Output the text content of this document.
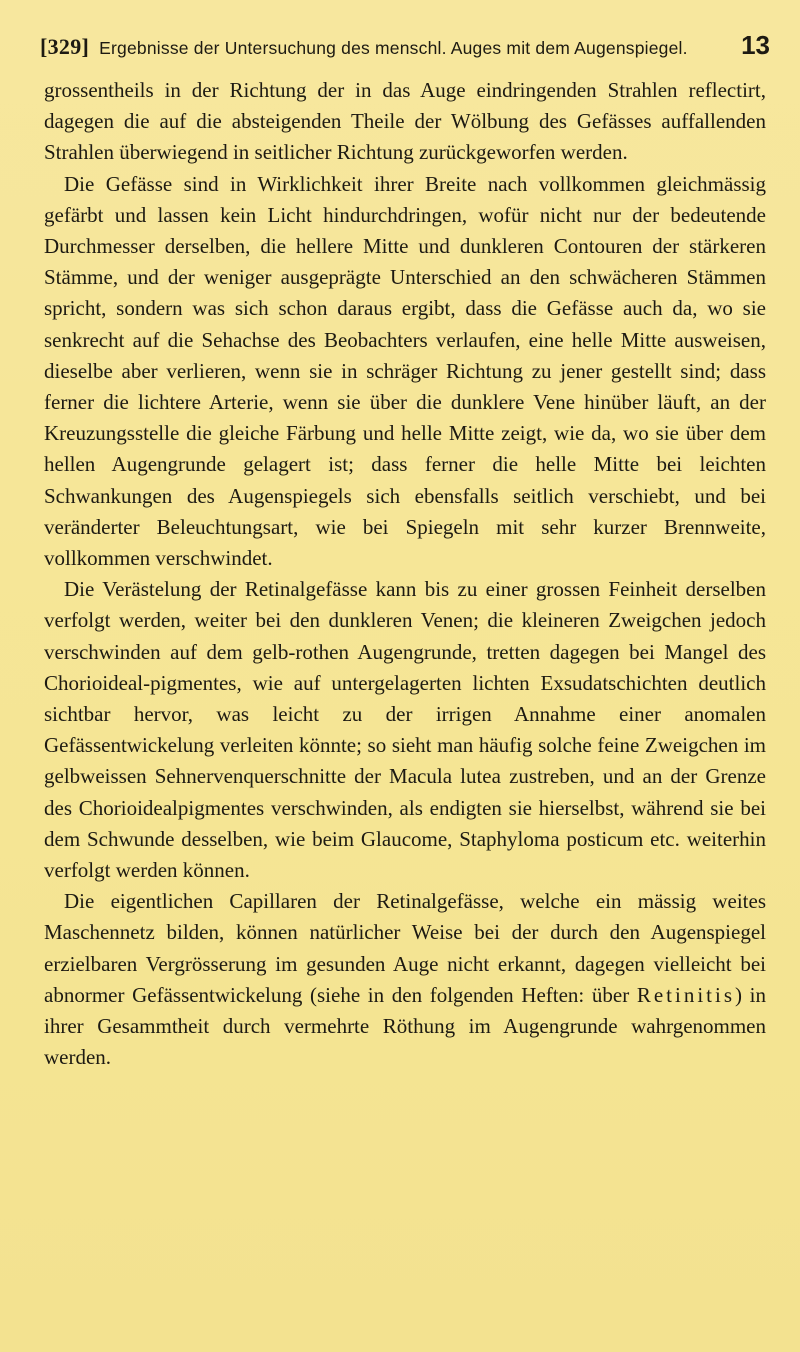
[329] Ergebnisse der Untersuchung des menschl. Auges mit dem Augenspiegel. 13

grossentheils in der Richtung der in das Auge eindringenden Strahlen reflectirt, dagegen die auf die absteigenden Theile der Wölbung des Gefässes auffallenden Strahlen überwiegend in seitlicher Richtung zurückgeworfen werden.

Die Gefässe sind in Wirklichkeit ihrer Breite nach vollkommen gleichmässig gefärbt und lassen kein Licht hindurchdringen, wofür nicht nur der bedeutende Durchmesser derselben, die hellere Mitte und dunkleren Contouren der stärkeren Stämme, und der weniger ausgeprägte Unterschied an den schwächeren Stämmen spricht, sondern was sich schon daraus ergibt, dass die Gefässe auch da, wo sie senkrecht auf die Sehachse des Beobachters verlaufen, eine helle Mitte ausweisen, dieselbe aber verlieren, wenn sie in schräger Richtung zu jener gestellt sind; dass ferner die lichtere Arterie, wenn sie über die dunklere Vene hinüber läuft, an der Kreuzungsstelle die gleiche Färbung und helle Mitte zeigt, wie da, wo sie über dem hellen Augengrunde gelagert ist; dass ferner die helle Mitte bei leichten Schwankungen des Augenspiegels sich ebensfalls seitlich verschiebt, und bei veränderter Beleuchtungsart, wie bei Spiegeln mit sehr kurzer Brennweite, vollkommen verschwindet.

Die Verästelung der Retinalgefässe kann bis zu einer grossen Feinheit derselben verfolgt werden, weiter bei den dunkleren Venen; die kleineren Zweigchen jedoch verschwinden auf dem gelb-rothen Augengrunde, tretten dagegen bei Mangel des Chorioideal-pigmentes, wie auf untergelagerten lichten Exsudatschichten deutlich sichtbar hervor, was leicht zu der irrigen Annahme einer anomalen Gefässentwickelung verleiten könnte; so sieht man häufig solche feine Zweigchen im gelbweissen Sehnervenquerschnitte der Macula lutea zustreben, und an der Grenze des Chorioidealpigmentes verschwinden, als endigten sie hierselbst, während sie bei dem Schwunde desselben, wie beim Glaucome, Staphyloma posticum etc. weiterhin verfolgt werden können.

Die eigentlichen Capillaren der Retinalgefässe, welche ein mässig weites Maschennetz bilden, können natürlicher Weise bei der durch den Augenspiegel erzielbaren Vergrösserung im gesunden Auge nicht erkannt, dagegen vielleicht bei abnormer Gefässentwickelung (siehe in den folgenden Heften: über Retinitis) in ihrer Gesammtheit durch vermehrte Röthung im Augengrunde wahrgenommen werden.
